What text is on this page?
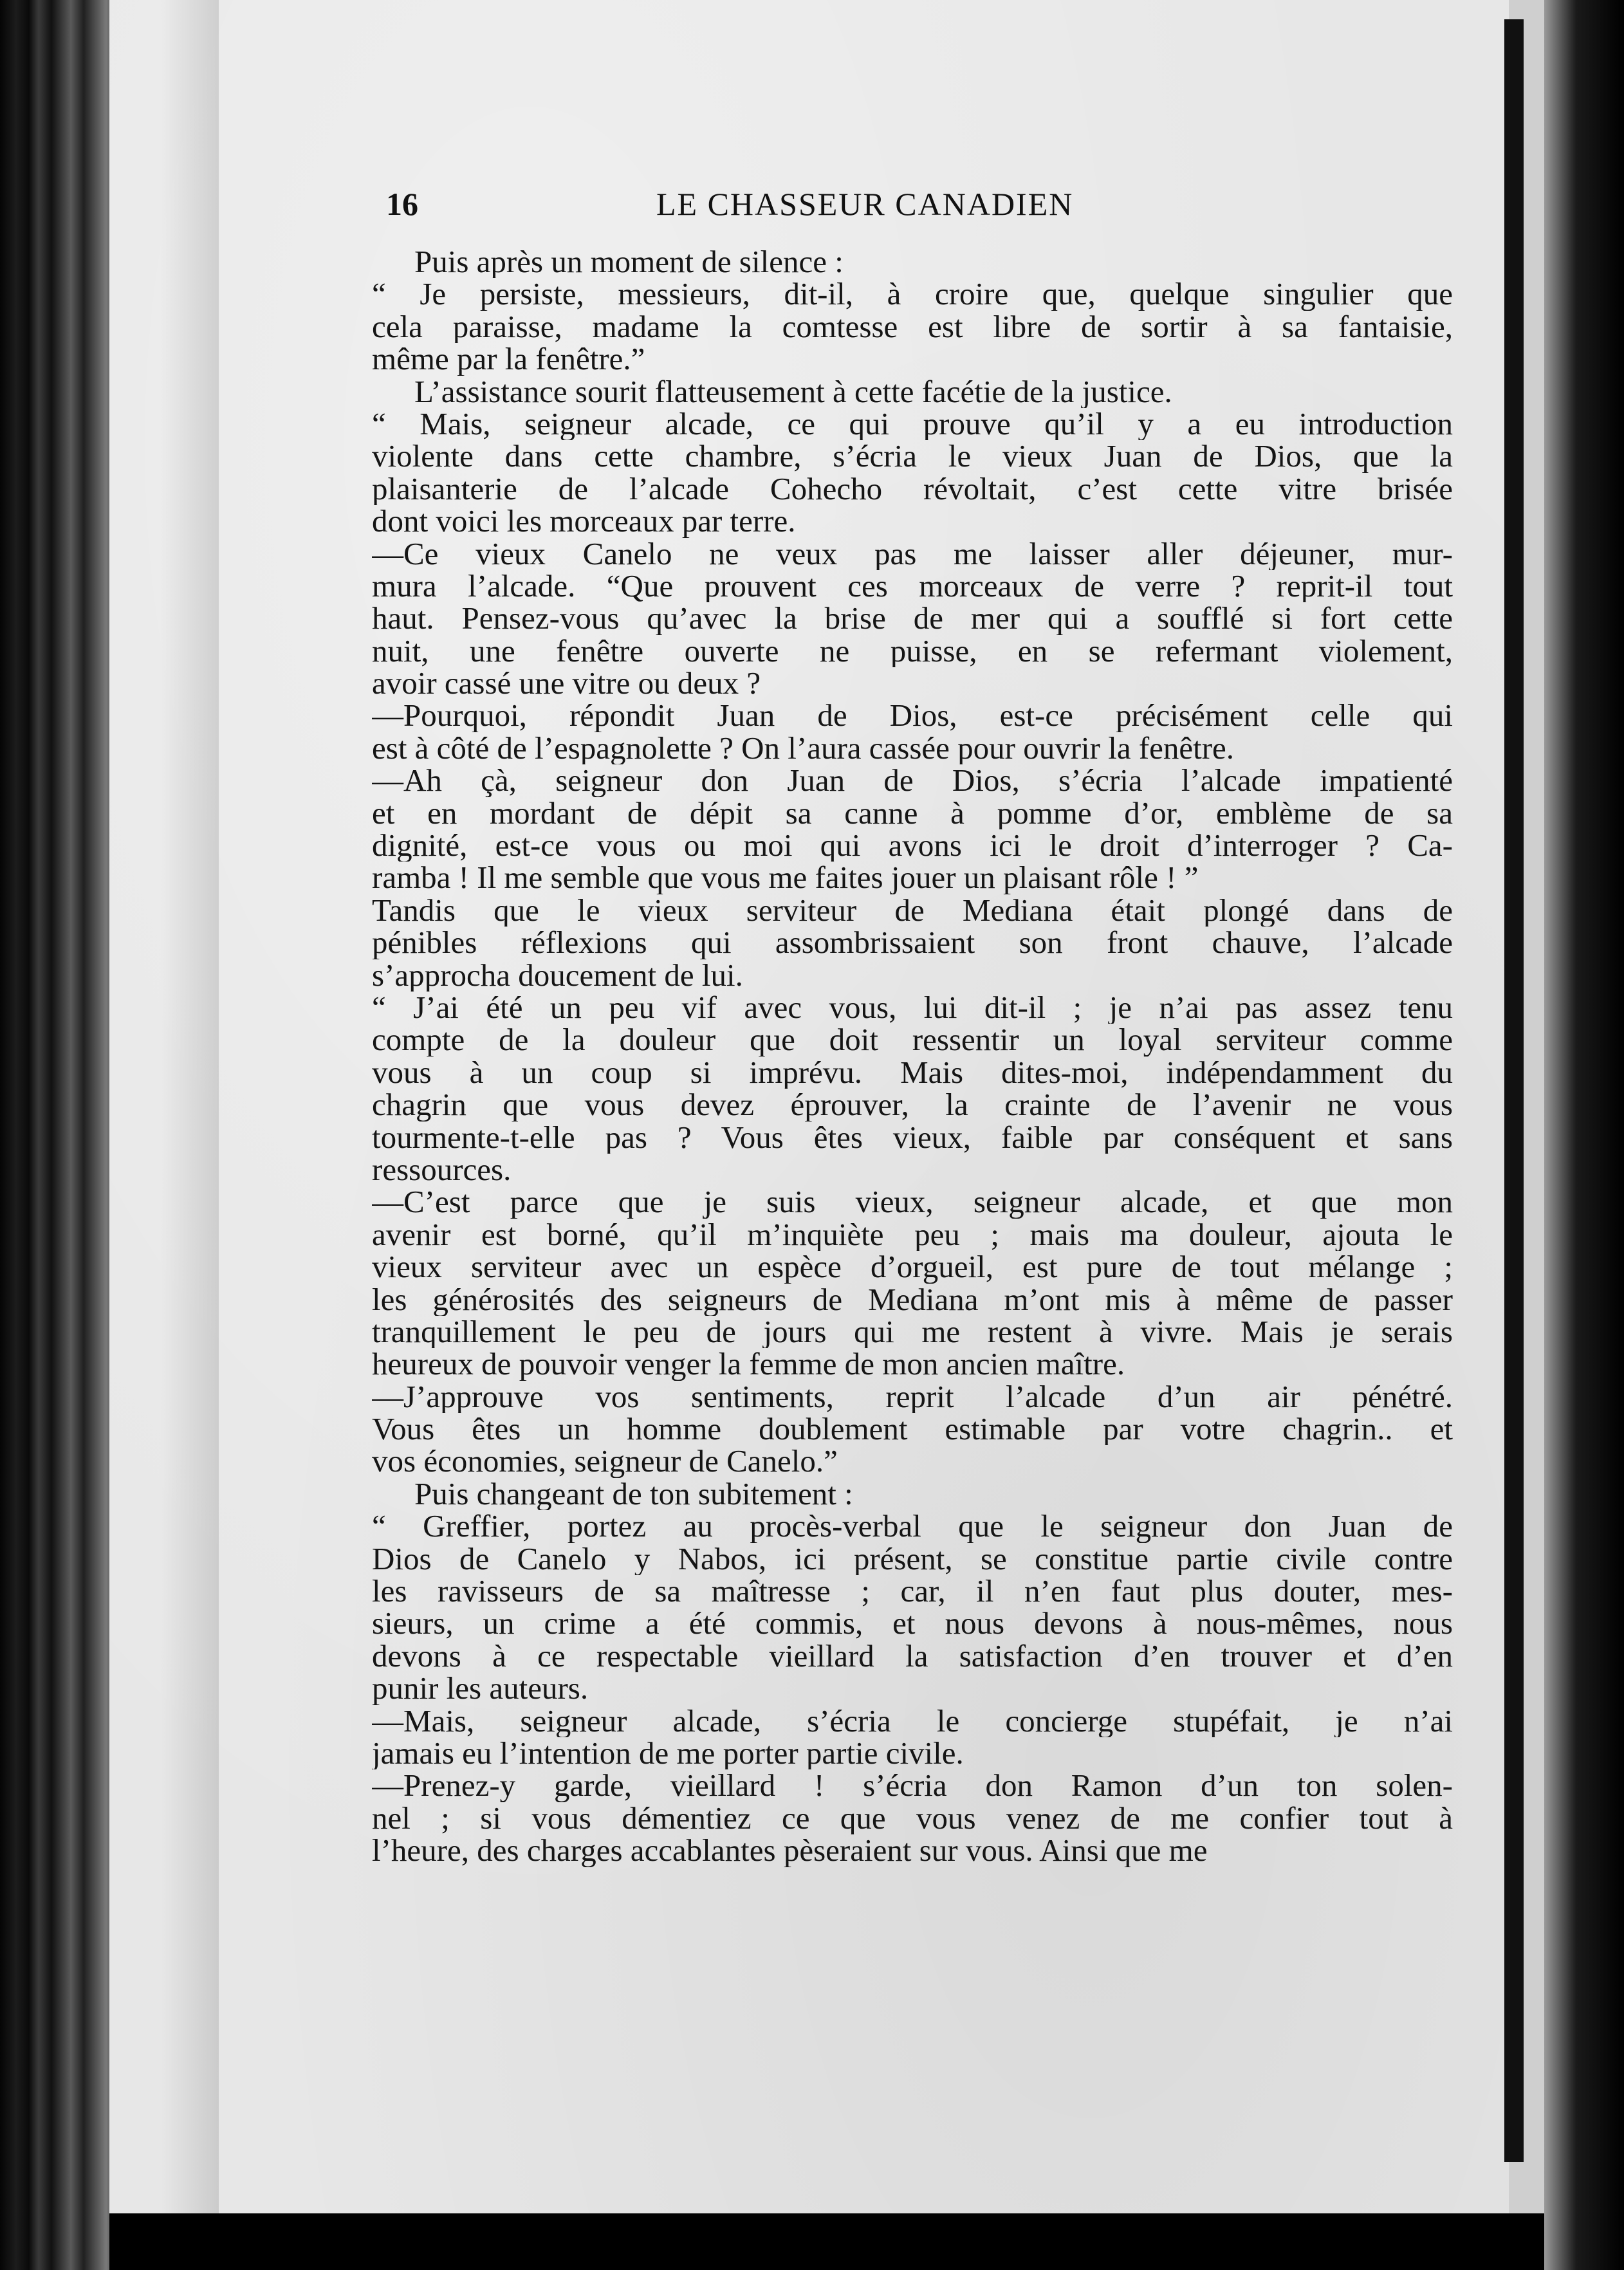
16	LE CHASSEUR CANADIEN
Puis après un moment de silence :
“ Je persiste, messieurs, dit-il, à croire que, quelque singulier que
cela paraisse, madame la comtesse est libre de sortir à sa fantaisie,
même par la fenêtre.”
L’assistance sourit flatteusement à cette facétie de la justice.
“ Mais, seigneur alcade, ce qui prouve qu’il y a eu introduction
violente dans cette chambre, s’écria le vieux Juan de Dios, que la
plaisanterie de l’alcade Cohecho révoltait, c’est cette vitre brisée
dont voici les morceaux par terre.
—Ce vieux Canelo ne veux pas me laisser aller déjeuner, mur-
mura l’alcade. “Que prouvent ces morceaux de verre ? reprit-il tout
haut. Pensez-vous qu’avec la brise de mer qui a soufflé si fort cette
nuit, une fenêtre ouverte ne puisse, en se refermant violement,
avoir cassé une vitre ou deux ?
—Pourquoi, répondit Juan de Dios, est-ce précisément celle qui
est à côté de l’espagnolette ? On l’aura cassée pour ouvrir la fenêtre.
—Ah çà, seigneur don Juan de Dios, s’écria l’alcade impatienté
et en mordant de dépit sa canne à pomme d’or, emblème de sa
dignité, est-ce vous ou moi qui avons ici le droit d’interroger ? Ca-
ramba ! Il me semble que vous me faites jouer un plaisant rôle ! ”
Tandis que le vieux serviteur de Mediana était plongé dans de
pénibles réflexions qui assombrissaient son front chauve, l’alcade
s’approcha doucement de lui.
“ J’ai été un peu vif avec vous, lui dit-il ; je n’ai pas assez tenu
compte de la douleur que doit ressentir un loyal serviteur comme
vous à un coup si imprévu. Mais dites-moi, indépendamment du
chagrin que vous devez éprouver, la crainte de l’avenir ne vous
tourmente-t-elle pas ? Vous êtes vieux, faible par conséquent et sans
ressources.
—C’est parce que je suis vieux, seigneur alcade, et que mon
avenir est borné, qu’il m’inquiète peu ; mais ma douleur, ajouta le
vieux serviteur avec un espèce d’orgueil, est pure de tout mélange ;
les générosités des seigneurs de Mediana m’ont mis à même de passer
tranquillement le peu de jours qui me restent à vivre. Mais je serais
heureux de pouvoir venger la femme de mon ancien maître.
—J’approuve vos sentiments, reprit l’alcade d’un air pénétré.
Vous êtes un homme doublement estimable par votre chagrin.. et
vos économies, seigneur de Canelo.”
Puis changeant de ton subitement :
“ Greffier, portez au procès-verbal que le seigneur don Juan de
Dios de Canelo y Nabos, ici présent, se constitue partie civile contre
les ravisseurs de sa maîtresse ; car, il n’en faut plus douter, mes-
sieurs, un crime a été commis, et nous devons à nous-mêmes, nous
devons à ce respectable vieillard la satisfaction d’en trouver et d’en
punir les auteurs.
—Mais, seigneur alcade, s’écria le concierge stupéfait, je n’ai
jamais eu l’intention de me porter partie civile.
—Prenez-y garde, vieillard ! s’écria don Ramon d’un ton solen-
nel ; si vous démentiez ce que vous venez de me confier tout à
l’heure, des charges accablantes pèseraient sur vous. Ainsi que me
